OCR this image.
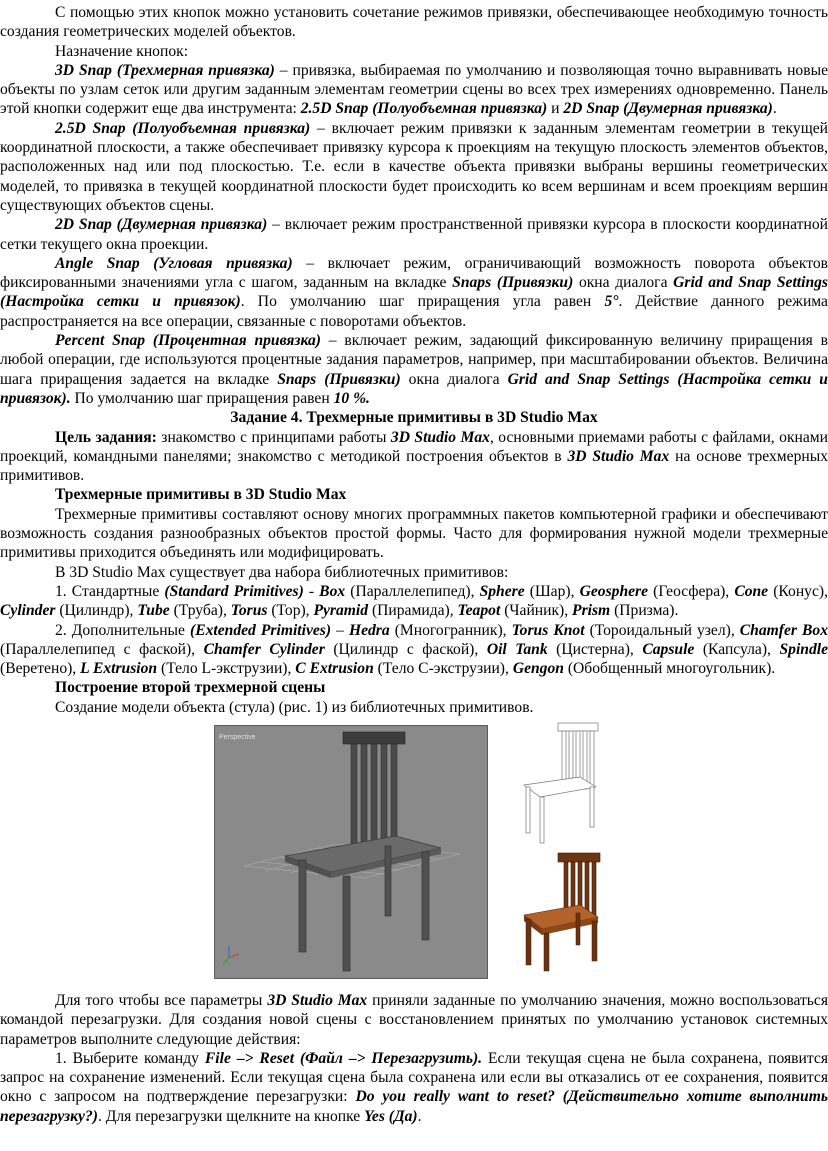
С помощью этих кнопок можно установить сочетание режимов привязки, обеспечивающее необходимую точность создания геометрических моделей объектов.

Назначение кнопок:

3D Snap (Трехмерная привязка) – привязка, выбираемая по умолчанию и позволяющая точно выравнивать новые объекты по узлам сеток или другим заданным элементам геометрии сцены во всех трех измерениях одновременно. Панель этой кнопки содержит еще два инструмента: 2.5D Snap (Полуобъемная привязка) и 2D Snap (Двумерная привязка).

2.5D Snap (Полуобъемная привязка) – включает режим привязки к заданным элементам геометрии в текущей координатной плоскости, а также обеспечивает привязку курсора к проекциям на текущую плоскость элементов объектов, расположенных над или под плоскостью. Т.е. если в качестве объекта привязки выбраны вершины геометрических моделей, то привязка в текущей координатной плоскости будет происходить ко всем вершинам и всем проекциям вершин существующих объектов сцены.

2D Snap (Двумерная привязка) – включает режим пространственной привязки курсора в плоскости координатной сетки текущего окна проекции.

Angle Snap (Угловая привязка) – включает режим, ограничивающий возможность поворота объектов фиксированными значениями угла с шагом, заданным на вкладке Snaps (Привязки) окна диалога Grid and Snap Settings (Настройка сетки и привязок). По умолчанию шаг приращения угла равен 5°. Действие данного режима распространяется на все операции, связанные с поворотами объектов.

Percent Snap (Процентная привязка) – включает режим, задающий фиксированную величину приращения в любой операции, где используются процентные задания параметров, например, при масштабировании объектов. Величина шага приращения задается на вкладке Snaps (Привязки) окна диалога Grid and Snap Settings (Настройка сетки и привязок). По умолчанию шаг приращения равен 10 %.

Задание 4. Трехмерные примитивы в 3D Studio Max

Цель задания: знакомство с принципами работы 3D Studio Max, основными приемами работы с файлами, окнами проекций, командными панелями; знакомство с методикой построения объектов в 3D Studio Max на основе трехмерных примитивов.

Трехмерные примитивы в 3D Studio Max

Трехмерные примитивы составляют основу многих программных пакетов компьютерной графики и обеспечивают возможность создания разнообразных объектов простой формы. Часто для формирования нужной модели трехмерные примитивы приходится объединять или модифицировать.

В 3D Studio Max существует два набора библиотечных примитивов:

1. Стандартные (Standard Primitives) - Box (Параллелепипед), Sphere (Шар), Geosphere (Геосфера), Cone (Конус), Cylinder (Цилиндр), Tube (Труба), Torus (Тор), Pyramid (Пирамида), Teapot (Чайник), Prism (Призма).

2. Дополнительные (Extended Primitives) – Hedra (Многогранник), Torus Knot (Тороидальный узел), Chamfer Box (Параллелепипед с фаской), Chamfer Cylinder (Цилиндр с фаской), Oil Tank (Цистерна), Capsule (Капсула), Spindle (Веретено), L Extrusion (Тело L-экструзии), C Extrusion (Тело C-экструзии), Gengon (Обобщенный многоугольник).

Построение второй трехмерной сцены

Создание модели объекта (стула) (рис. 1) из библиотечных примитивов.

Perspective

Для того чтобы все параметры 3D Studio Max приняли заданные по умолчанию значения, можно воспользоваться командой перезагрузки. Для создания новой сцены с восстановлением принятых по умолчанию установок системных параметров выполните следующие действия:

1. Выберите команду File –> Reset (Файл –> Перезагрузить). Если текущая сцена не была сохранена, появится запрос на сохранение изменений. Если текущая сцена была сохранена или если вы отказались от ее сохранения, появится окно с запросом на подтверждение перезагрузки: Do you really want to reset? (Действительно хотите выполнить перезагрузку?). Для перезагрузки щелкните на кнопке Yes (Да).
